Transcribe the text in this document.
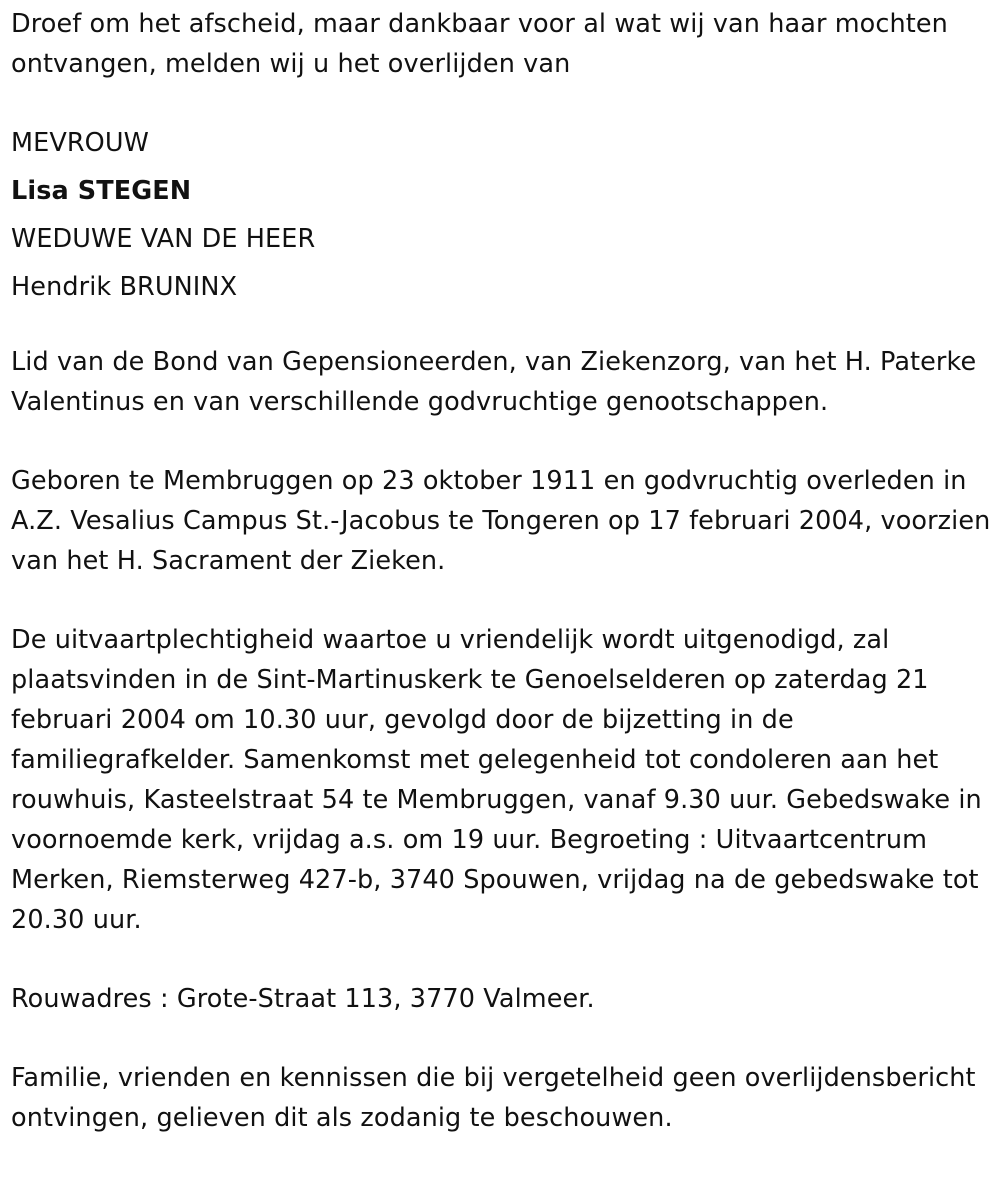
Droef om het afscheid, maar dankbaar voor al wat wij van haar mochten ontvangen, melden wij u het overlijden van

MEVROUW
Lisa STEGEN
WEDUWE VAN DE HEER
Hendrik BRUNINX

Lid van de Bond van Gepensioneerden, van Ziekenzorg, van het H. Paterke Valentinus en van verschillende godvruchtige genootschappen.

Geboren te Membruggen op 23 oktober 1911 en godvruchtig overleden in A.Z. Vesalius Campus St.-Jacobus te Tongeren op 17 februari 2004, voorzien van het H. Sacrament der Zieken.

De uitvaartplechtigheid waartoe u vriendelijk wordt uitgenodigd, zal plaatsvinden in de Sint-Martinuskerk te Genoelselderen op zaterdag 21 februari 2004 om 10.30 uur, gevolgd door de bijzetting in de familiegrafkelder. Samenkomst met gelegenheid tot condoleren aan het rouwhuis, Kasteelstraat 54 te Membruggen, vanaf 9.30 uur. Gebedswake in voornoemde kerk, vrijdag a.s. om 19 uur. Begroeting : Uitvaartcentrum Merken, Riemsterweg 427-b, 3740 Spouwen, vrijdag na de gebedswake tot 20.30 uur.

Rouwadres : Grote-Straat 113, 3770 Valmeer.

Familie, vrienden en kennissen die bij vergetelheid geen overlijdensbericht ontvingen, gelieven dit als zodanig te beschouwen.
